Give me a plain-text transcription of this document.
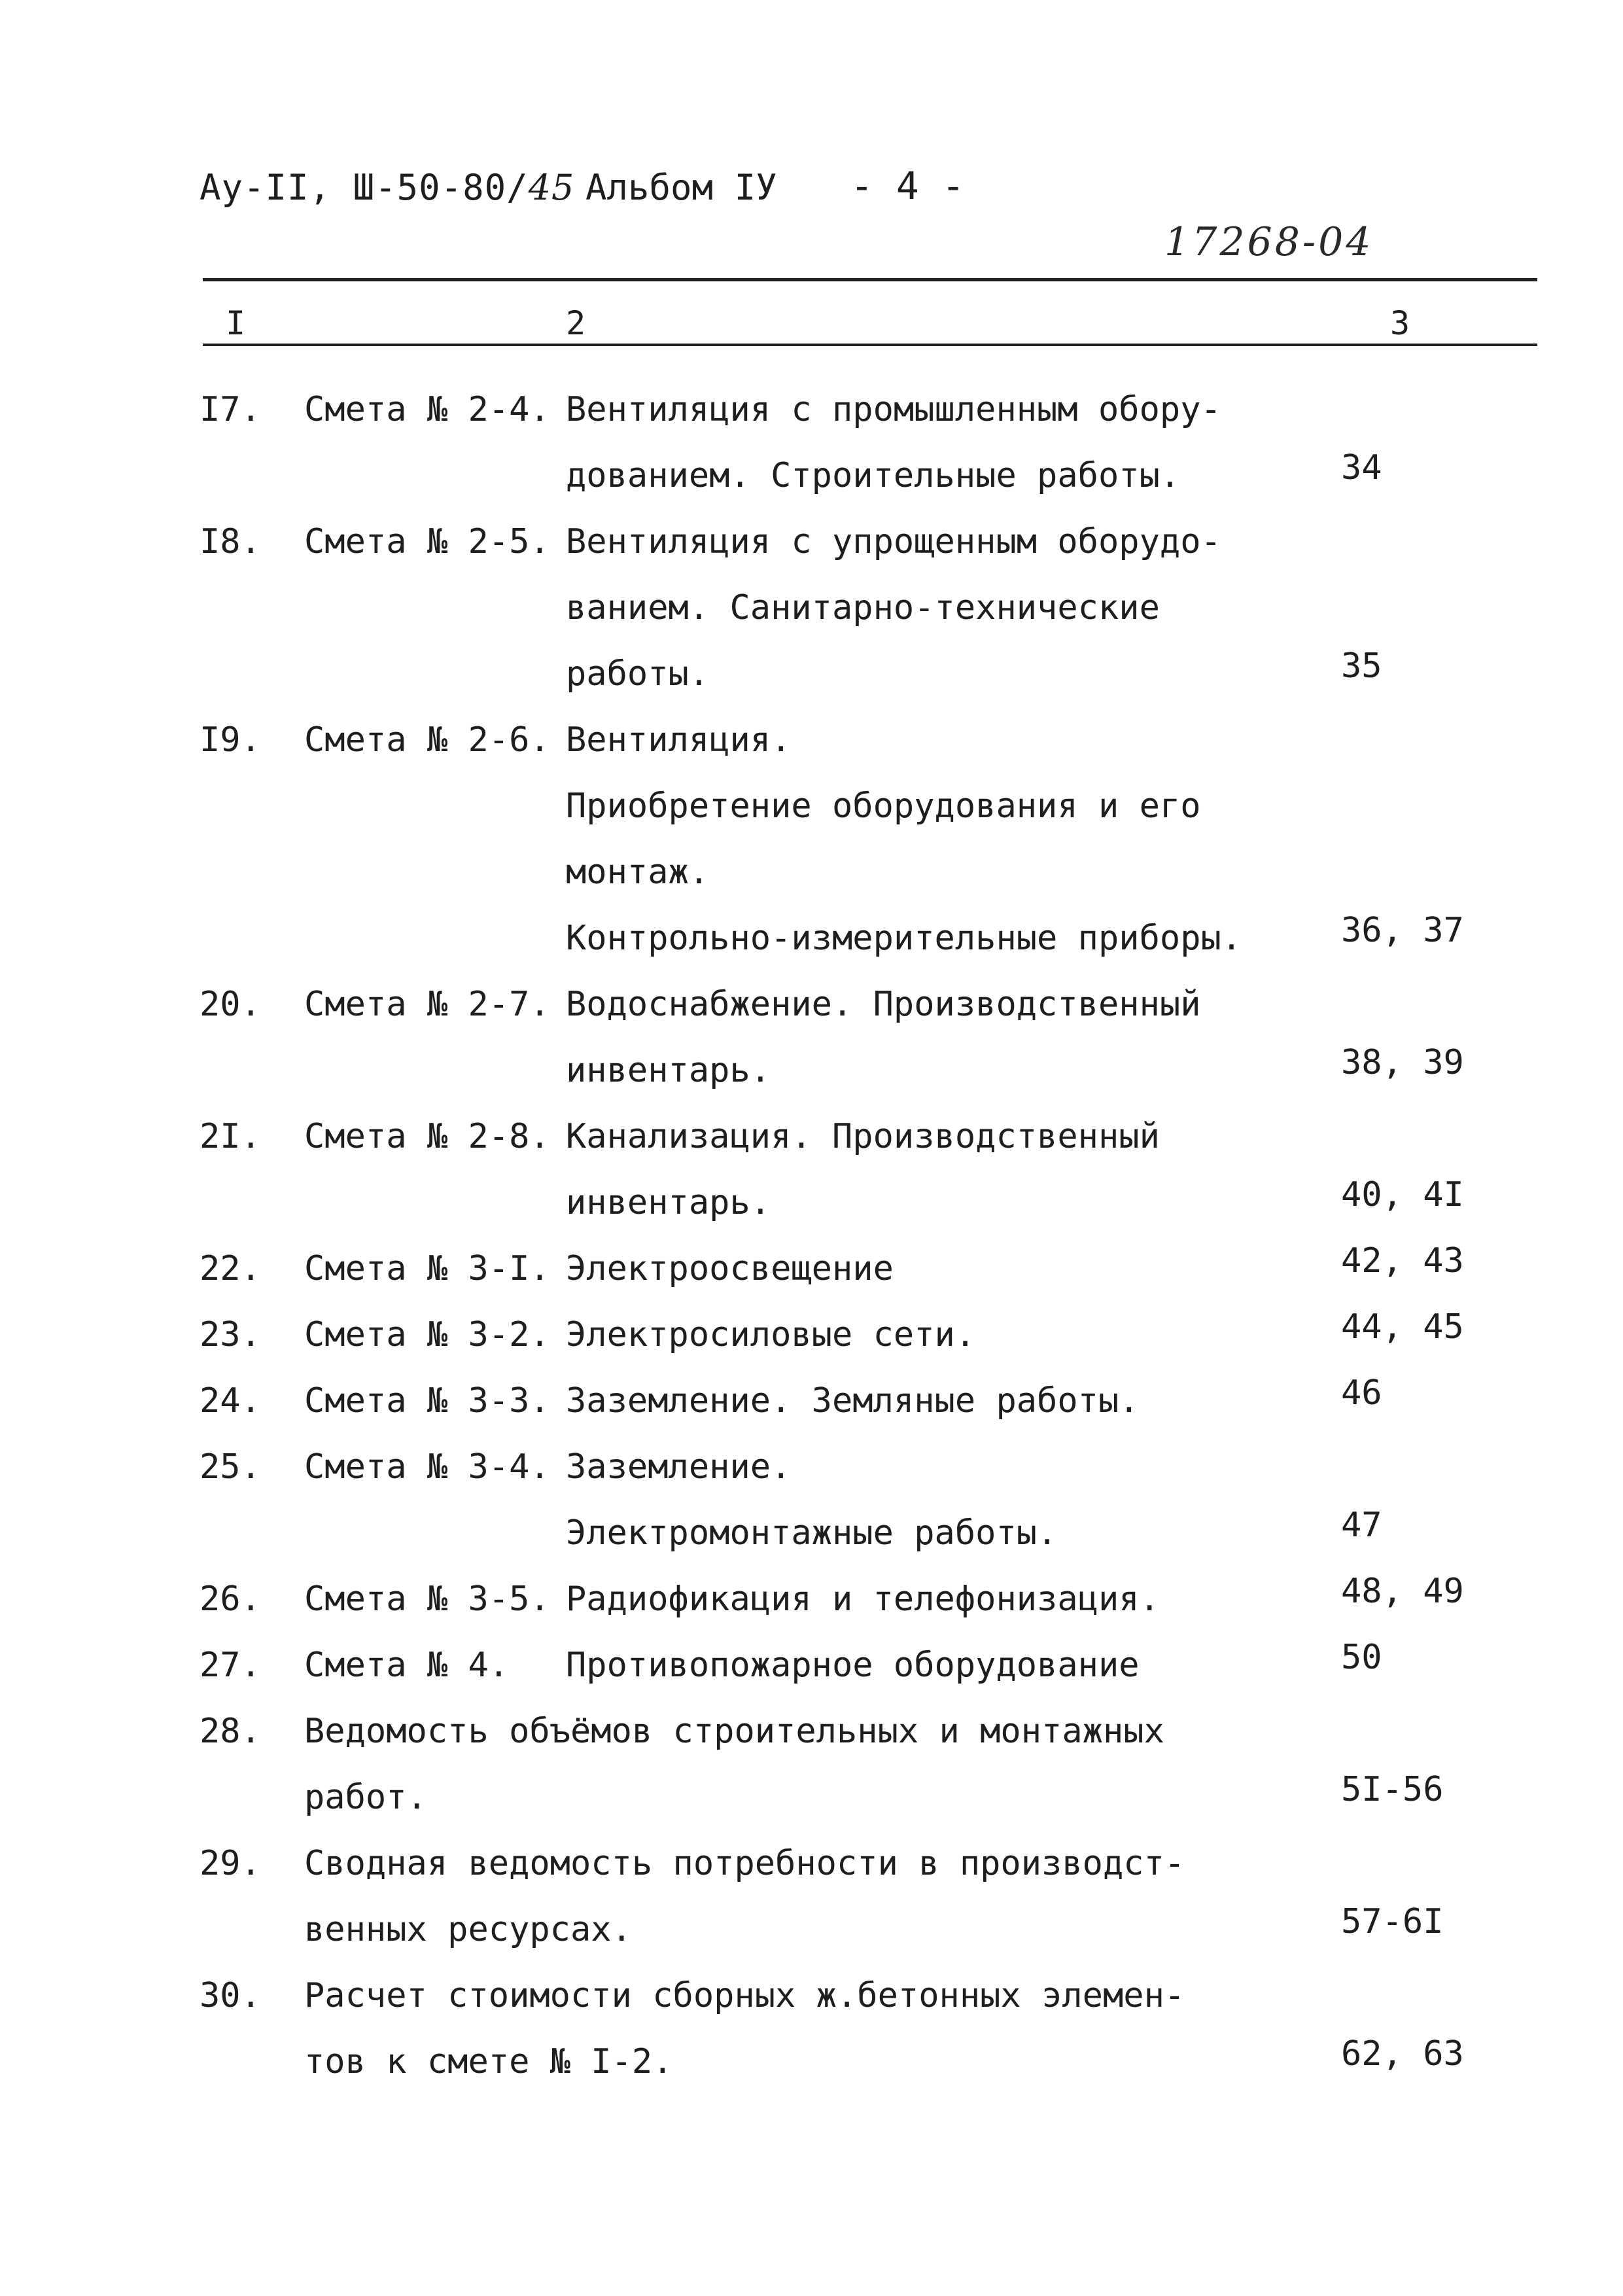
Ау-II, Ш-50-80/45 Альбом IУ - 4 -
17268-04
I	2	3
I7. Смета № 2-4. Вентиляция с промышленным обору-
дованием. Строительные работы.	34
I8. Смета № 2-5. Вентиляция с упрощенным оборудо-
ванием. Санитарно-технические
работы.	35
I9. Смета № 2-6. Вентиляция.
Приобретение оборудования и его
монтаж.
Контрольно-измерительные приборы.	36, 37
20. Смета № 2-7. Водоснабжение. Производственный
инвентарь.	38, 39
2I. Смета № 2-8. Канализация. Производственный
инвентарь.	40, 4I
22. Смета № 3-I. Электроосвещение	42, 43
23. Смета № 3-2. Электросиловые сети.	44, 45
24. Смета № 3-3. Заземление. Земляные работы.	46
25. Смета № 3-4. Заземление.
Электромонтажные работы.	47
26. Смета № 3-5. Радиофикация и телефонизация.	48, 49
27. Смета № 4. Противопожарное оборудование	50
28. Ведомость объёмов строительных и монтажных
работ.	5I-56
29. Сводная ведомость потребности в производст-
венных ресурсах.	57-6I
30. Расчет стоимости сборных ж.бетонных элемен-
тов к смете № I-2.	62, 63
